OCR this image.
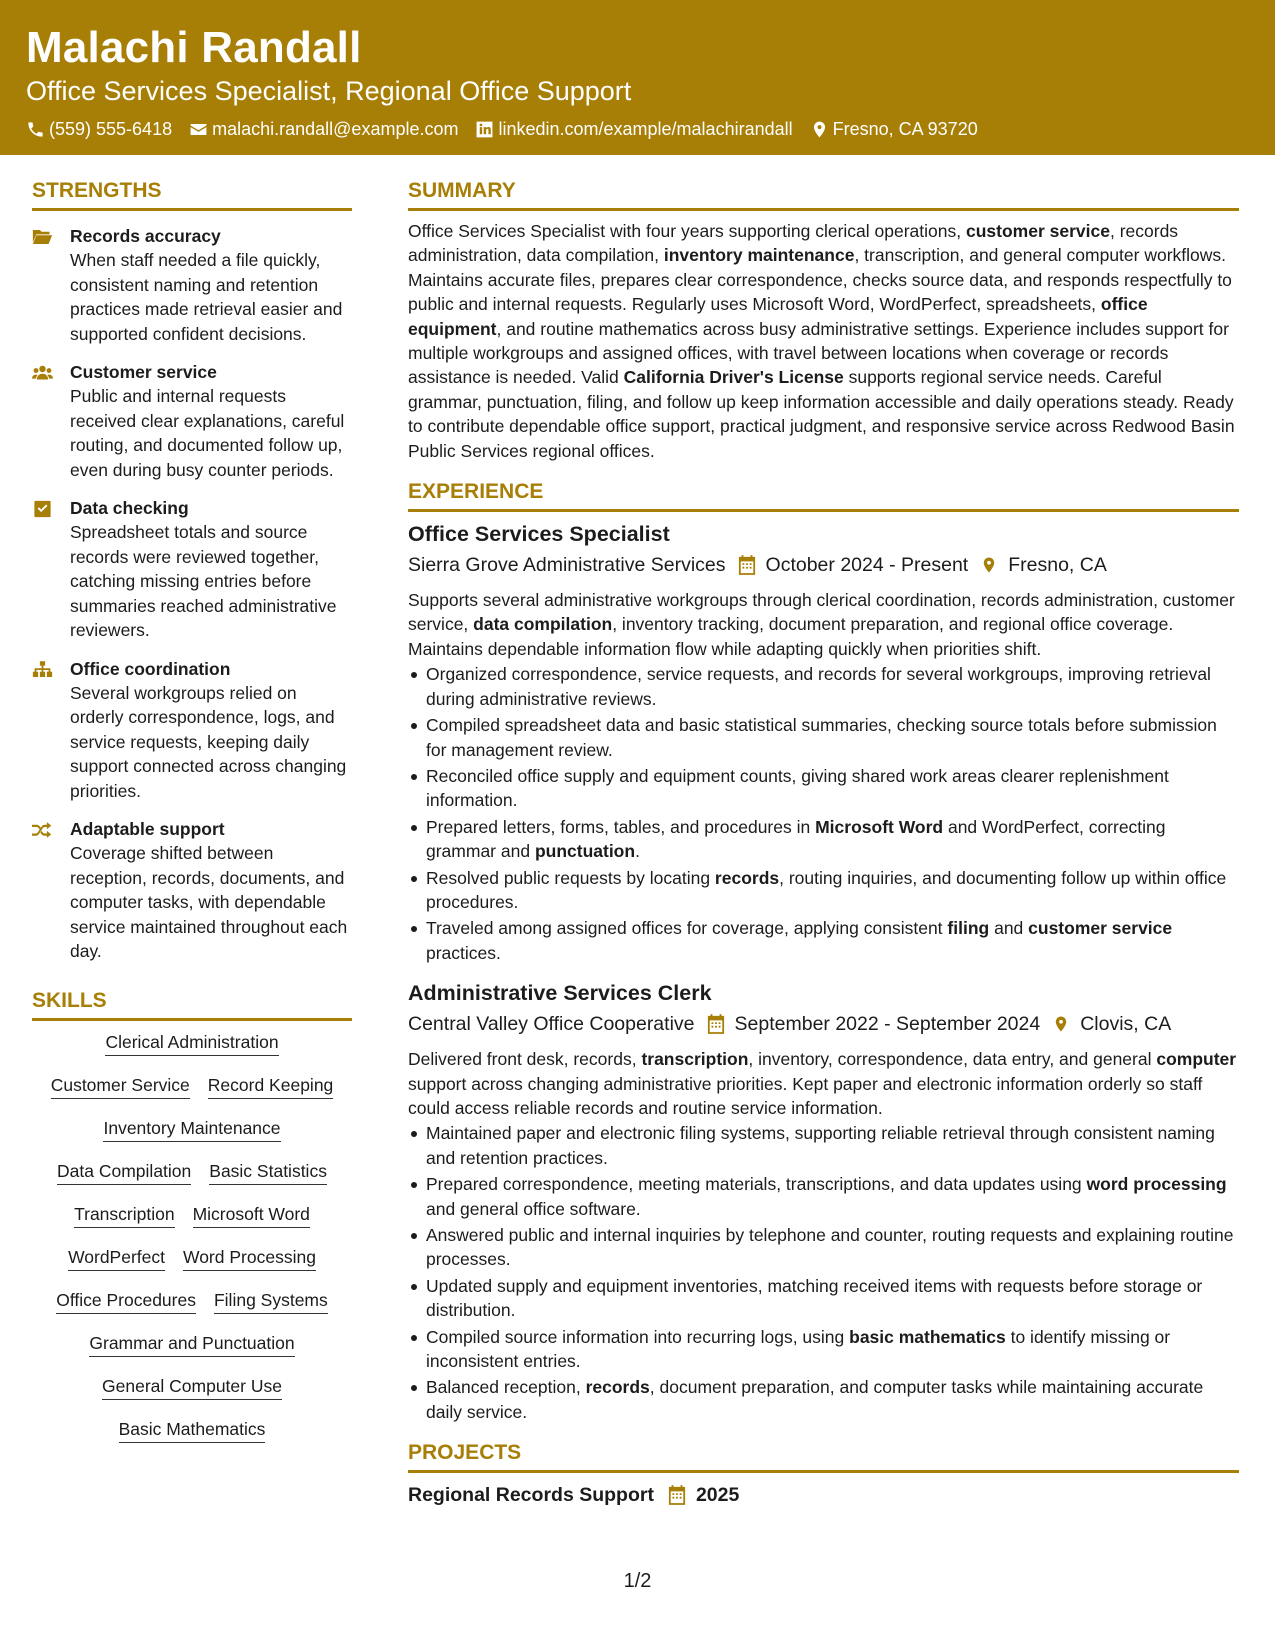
Malachi Randall
Office Services Specialist, Regional Office Support
(559) 555-6418 malachi.randall@example.com linkedin.com/example/malachirandall Fresno, CA 93720
STRENGTHS
Records accuracy
When staff needed a file quickly, consistent naming and retention practices made retrieval easier and supported confident decisions.
Customer service
Public and internal requests received clear explanations, careful routing, and documented follow up, even during busy counter periods.
Data checking
Spreadsheet totals and source records were reviewed together, catching missing entries before summaries reached administrative reviewers.
Office coordination
Several workgroups relied on orderly correspondence, logs, and service requests, keeping daily support connected across changing priorities.
Adaptable support
Coverage shifted between reception, records, documents, and computer tasks, with dependable service maintained throughout each day.
SKILLS
Clerical Administration
Customer Service Record Keeping
Inventory Maintenance
Data Compilation Basic Statistics
Transcription Microsoft Word
WordPerfect Word Processing
Office Procedures Filing Systems
Grammar and Punctuation
General Computer Use
Basic Mathematics
SUMMARY

Office Services Specialist with four years supporting clerical operations, customer service, records administration, data compilation, inventory maintenance, transcription, and general computer workflows. Maintains accurate files, prepares clear correspondence, checks source data, and responds respectfully to public and internal requests. Regularly uses Microsoft Word, WordPerfect, spreadsheets, office equipment, and routine mathematics across busy administrative settings. Experience includes support for multiple workgroups and assigned offices, with travel between locations when coverage or records assistance is needed. Valid California Driver's License supports regional service needs. Careful grammar, punctuation, filing, and follow up keep information accessible and daily operations steady. Ready to contribute dependable office support, practical judgment, and responsive service across Redwood Basin Public Services regional offices.

EXPERIENCE
Office Services Specialist
Sierra Grove Administrative Services October 2024 - Present Fresno, CA

Supports several administrative workgroups through clerical coordination, records administration, customer service, data compilation, inventory tracking, document preparation, and regional office coverage. Maintains dependable information flow while adapting quickly when priorities shift.

Organized correspondence, service requests, and records for several workgroups, improving retrieval during administrative reviews.
Compiled spreadsheet data and basic statistical summaries, checking source totals before submission for management review.
Reconciled office supply and equipment counts, giving shared work areas clearer replenishment information.
Prepared letters, forms, tables, and procedures in Microsoft Word and WordPerfect, correcting grammar and punctuation.
Resolved public requests by locating records, routing inquiries, and documenting follow up within office procedures.
Traveled among assigned offices for coverage, applying consistent filing and customer service practices.
Administrative Services Clerk
Central Valley Office Cooperative September 2022 - September 2024 Clovis, CA

Delivered front desk, records, transcription, inventory, correspondence, data entry, and general computer support across changing administrative priorities. Kept paper and electronic information orderly so staff could access reliable records and routine service information.

Maintained paper and electronic filing systems, supporting reliable retrieval through consistent naming and retention practices.
Prepared correspondence, meeting materials, transcriptions, and data updates using word processing and general office software.
Answered public and internal inquiries by telephone and counter, routing requests and explaining routine processes.
Updated supply and equipment inventories, matching received items with requests before storage or distribution.
Compiled source information into recurring logs, using basic mathematics to identify missing or inconsistent entries.
Balanced reception, records, document preparation, and computer tasks while maintaining accurate daily service.
PROJECTS
Regional Records Support 2025
1/2
